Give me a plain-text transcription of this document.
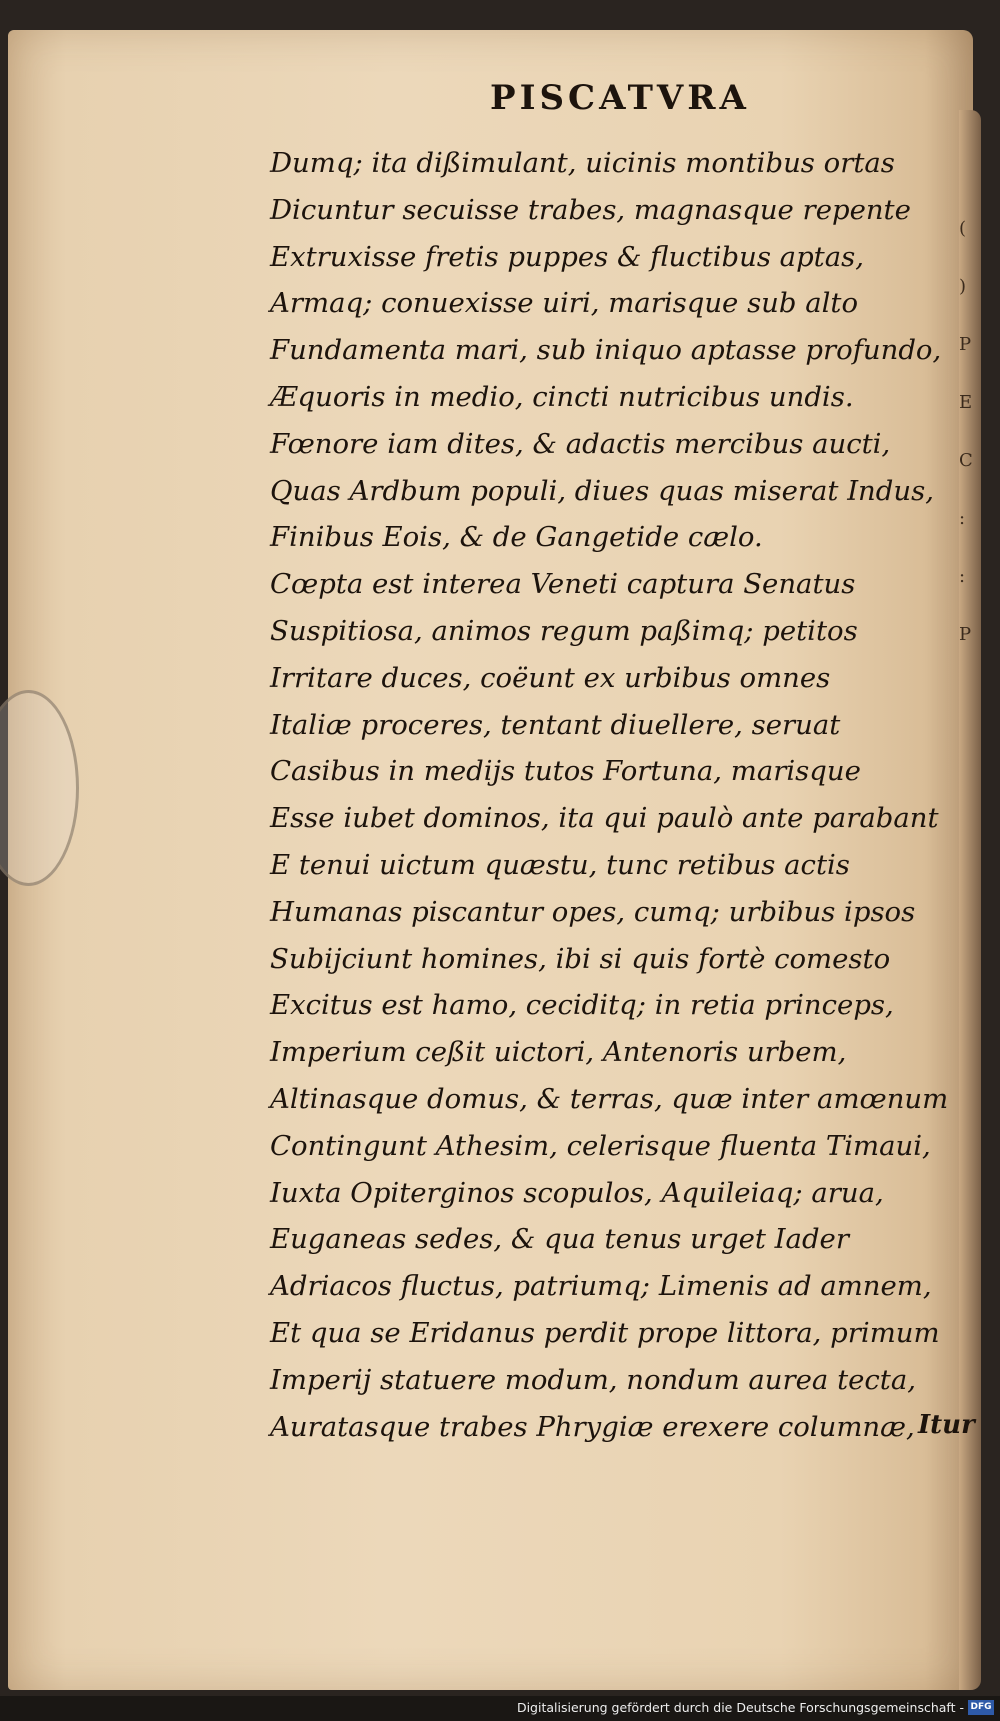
(
)
P
E
C
:
:
P
PISCATVRA
Dumq; ita dißimulant, uicinis montibus ortas
Dicuntur secuisse trabes, magnasque repente
Extruxisse fretis puppes & fluctibus aptas,
Armaq; conuexisse uiri, marisque sub alto
Fundamenta mari, sub iniquo aptasse profundo,
Æquoris in medio, cincti nutricibus undis.
Fœnore iam dites, & adactis mercibus aucti,
Quas Ardbum populi, diues quas miserat Indus,
Finibus Eois, & de Gangetide cælo.
Cœpta est interea Veneti captura Senatus
Suspitiosa, animos regum paßimq; petitos
Irritare duces, coëunt ex urbibus omnes
Italiæ proceres, tentant diuellere, seruat
Casibus in medijs tutos Fortuna, marisque
Esse iubet dominos, ita qui paulò ante parabant
E tenui uictum quæstu, tunc retibus actis
Humanas piscantur opes, cumq; urbibus ipsos
Subijciunt homines, ibi si quis fortè comesto
Excitus est hamo, ceciditq; in retia princeps,
Imperium ceßit uictori, Antenoris urbem,
Altinasque domus, & terras, quæ inter amœnum
Contingunt Athesim, celerisque fluenta Timaui,
Iuxta Opiterginos scopulos, Aquileiaq; arua,
Euganeas sedes, & qua tenus urget Iader
Adriacos fluctus, patriumq; Limenis ad amnem,
Et qua se Eridanus perdit prope littora, primum
Imperij statuere modum, nondum aurea tecta,
Auratasque trabes Phrygiæ erexere columnæ, Itur
Digitalisierung gefördert durch die Deutsche Forschungsgemeinschaft - DFG
